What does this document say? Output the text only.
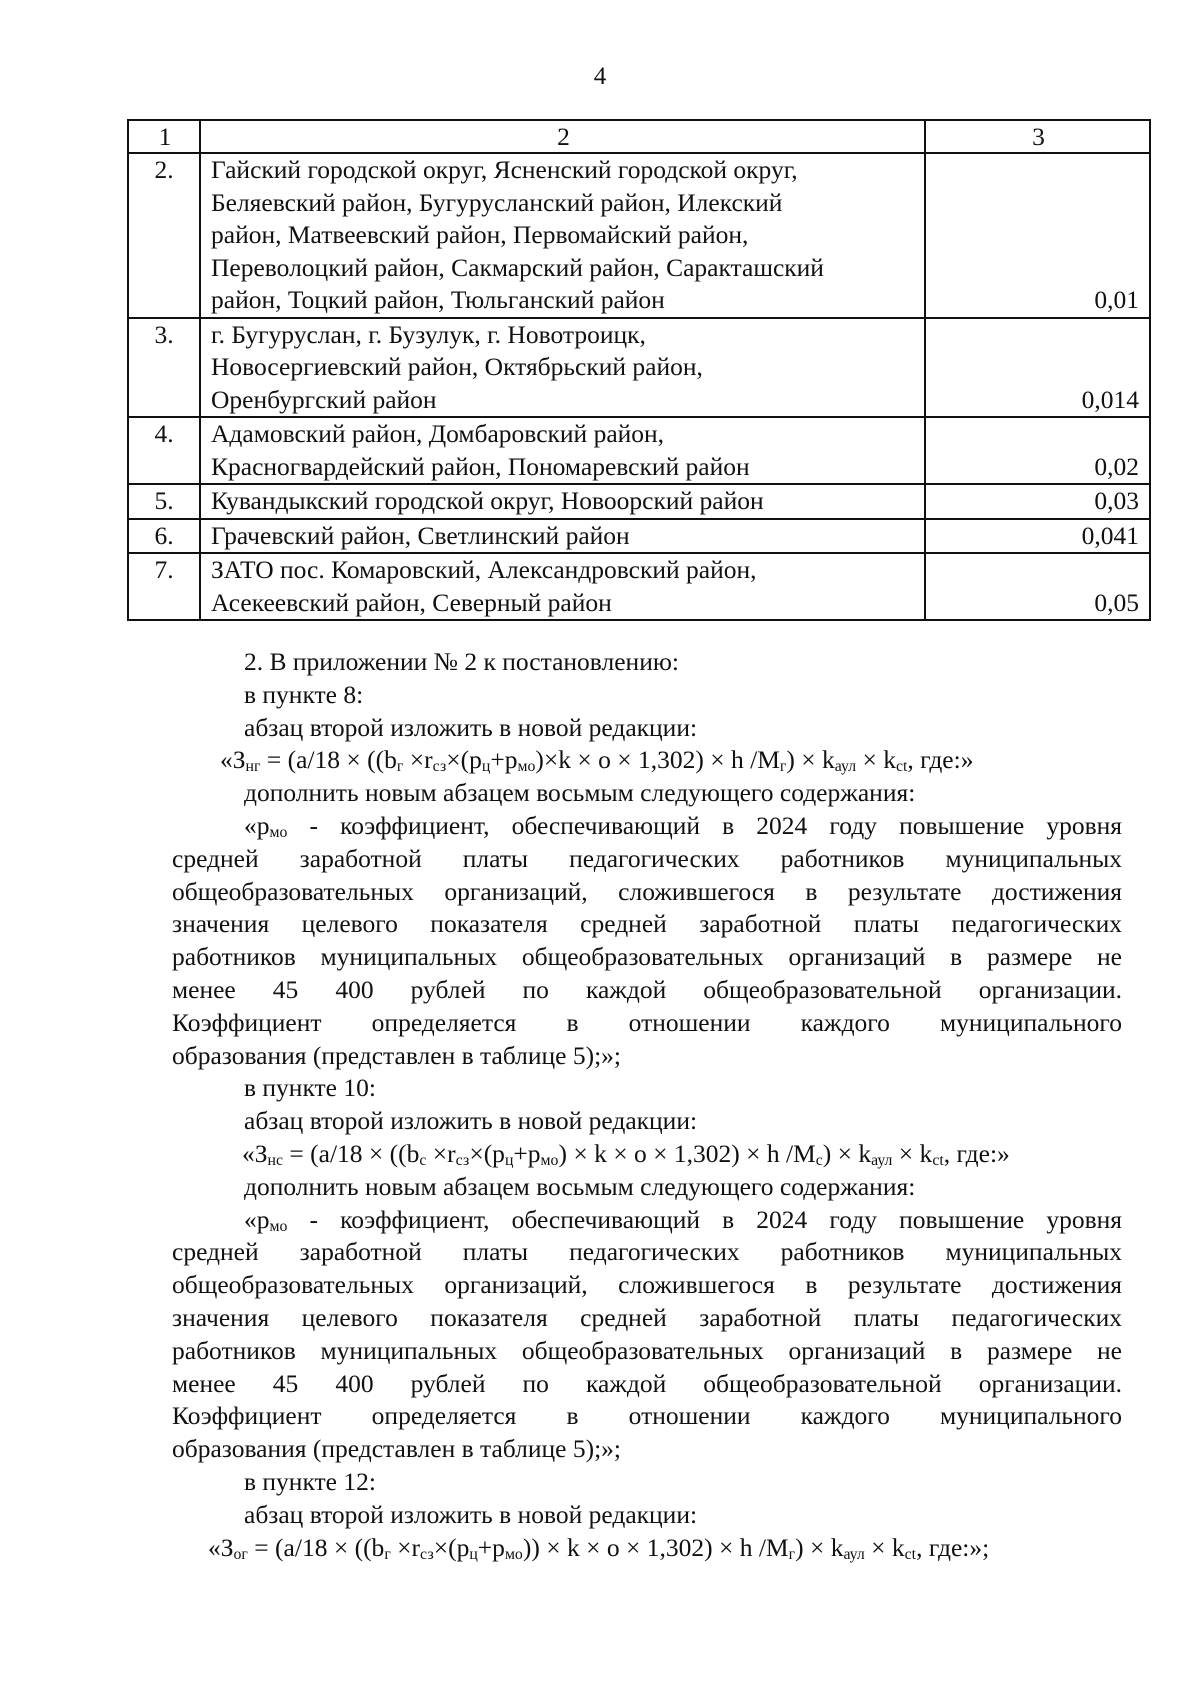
4
1	2	3
2.	Гайский городской округ, Ясненский городской округ,
Беляевский район, Бугурусланский район, Илекский
район, Матвеевский район, Первомайский район,
Переволоцкий район, Сакмарский район, Саракташский
район, Тоцкий район, Тюльганский район	0,01
3.	г. Бугуруслан, г. Бузулук, г. Новотроицк,
Новосергиевский район, Октябрьский район,
Оренбургский район	0,014
4.	Адамовский район, Домбаровский район,
Красногвардейский район, Пономаревский район	0,02
5.	Кувандыкский городской округ, Новоорский район	0,03
6.	Грачевский район, Светлинский район	0,041
7.	ЗАТО пос. Комаровский, Александровский район,
Асекеевский район, Северный район	0,05
2. В приложении № 2 к постановлению:
в пункте 8:
абзац второй изложить в новой редакции:
«$З_{нг} = (a/18 \times ((b_г \times r_{сз}\times(p_ц+p_{мо})\times k \times o \times 1,302) \times h$ $/M_г) \times k_{аул} \times k_{ct}$, где:»
дополнить новым абзацем восьмым следующего содержания:
«$p_{мо}$ - коэффициент, обеспечивающий в 2024 году повышение уровня
средней заработной платы педагогических работников муниципальных
общеобразовательных организаций, сложившегося в результате достижения
значения целевого показателя средней заработной платы педагогических
работников муниципальных общеобразовательных организаций в размере не
менее 45 400 рублей по каждой общеобразовательной организации.
Коэффициент определяется в отношении каждого муниципального
образования (представлен в таблице 5);»;
в пункте 10:
абзац второй изложить в новой редакции:
«$З_{нс} = (a/18 \times ((b_с \times r_{сз}\times(p_ц+p_{мо}) \times k \times o \times 1,302) \times h$ $/M_с) \times k_{аул} \times k_{ct}$, где:»
дополнить новым абзацем восьмым следующего содержания:
«$p_{мо}$ - коэффициент, обеспечивающий в 2024 году повышение уровня
средней заработной платы педагогических работников муниципальных
общеобразовательных организаций, сложившегося в результате достижения
значения целевого показателя средней заработной платы педагогических
работников муниципальных общеобразовательных организаций в размере не
менее 45 400 рублей по каждой общеобразовательной организации.
Коэффициент определяется в отношении каждого муниципального
образования (представлен в таблице 5);»;
в пункте 12:
абзац второй изложить в новой редакции:
«$З_{ог} = (a/18 \times ((b_г \times r_{сз}\times(p_ц+p_{мо})) \times k \times o \times 1,302) \times h$ $/M_г) \times k_{аул} \times k_{ct}$, где:»;
